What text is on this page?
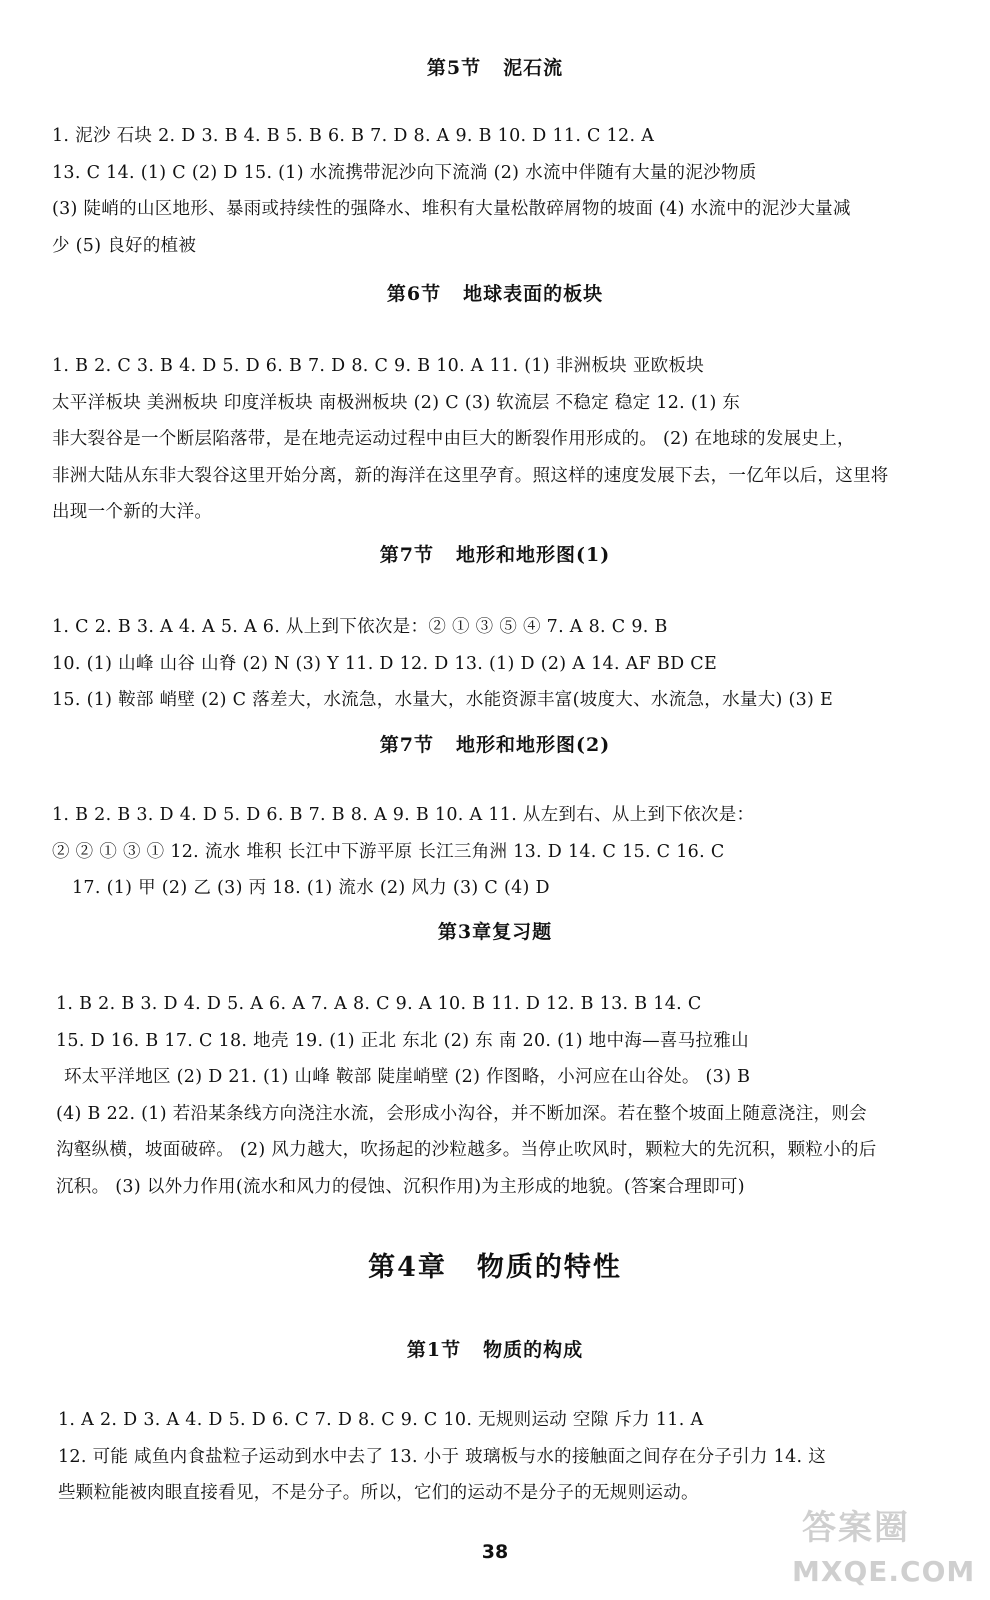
第5节 泥石流
1. 泥沙 石块 2. D 3. B 4. B 5. B 6. B 7. D 8. A 9. B 10. D 11. C 12. A
13. C 14. (1) C (2) D 15. (1) 水流携带泥沙向下流淌 (2) 水流中伴随有大量的泥沙物质
(3) 陡峭的山区地形、暴雨或持续性的强降水、堆积有大量松散碎屑物的坡面 (4) 水流中的泥沙大量减
少 (5) 良好的植被
第6节 地球表面的板块
1. B 2. C 3. B 4. D 5. D 6. B 7. D 8. C 9. B 10. A 11. (1) 非洲板块 亚欧板块
太平洋板块 美洲板块 印度洋板块 南极洲板块 (2) C (3) 软流层 不稳定 稳定 12. (1) 东
非大裂谷是一个断层陷落带，是在地壳运动过程中由巨大的断裂作用形成的。 (2) 在地球的发展史上，
非洲大陆从东非大裂谷这里开始分离，新的海洋在这里孕育。照这样的速度发展下去，一亿年以后，这里将
出现一个新的大洋。
第7节 地形和地形图(1)
1. C 2. B 3. A 4. A 5. A 6. 从上到下依次是：② ① ③ ⑤ ④ 7. A 8. C 9. B
10. (1) 山峰 山谷 山脊 (2) N (3) Y 11. D 12. D 13. (1) D (2) A 14. AF BD CE
15. (1) 鞍部 峭壁 (2) C 落差大，水流急，水量大，水能资源丰富(坡度大、水流急，水量大) (3) E
第7节 地形和地形图(2)
1. B 2. B 3. D 4. D 5. D 6. B 7. B 8. A 9. B 10. A 11. 从左到右、从上到下依次是：
② ② ① ③ ① 12. 流水 堆积 长江中下游平原 长江三角洲 13. D 14. C 15. C 16. C
17. (1) 甲 (2) 乙 (3) 丙 18. (1) 流水 (2) 风力 (3) C (4) D
第3章复习题
1. B 2. B 3. D 4. D 5. A 6. A 7. A 8. C 9. A 10. B 11. D 12. B 13. B 14. C
15. D 16. B 17. C 18. 地壳 19. (1) 正北 东北 (2) 东 南 20. (1) 地中海—喜马拉雅山
环太平洋地区 (2) D 21. (1) 山峰 鞍部 陡崖峭壁 (2) 作图略，小河应在山谷处。 (3) B
(4) B 22. (1) 若沿某条线方向浇注水流，会形成小沟谷，并不断加深。若在整个坡面上随意浇注，则会
沟壑纵横，坡面破碎。 (2) 风力越大，吹扬起的沙粒越多。当停止吹风时，颗粒大的先沉积，颗粒小的后
沉积。 (3) 以外力作用(流水和风力的侵蚀、沉积作用)为主形成的地貌。(答案合理即可)
第4章 物质的特性
第1节 物质的构成
1. A 2. D 3. A 4. D 5. D 6. C 7. D 8. C 9. C 10. 无规则运动 空隙 斥力 11. A
12. 可能 咸鱼内食盐粒子运动到水中去了 13. 小于 玻璃板与水的接触面之间存在分子引力 14. 这
些颗粒能被肉眼直接看见，不是分子。所以，它们的运动不是分子的无规则运动。
38
答案圈
MXQE.COM
